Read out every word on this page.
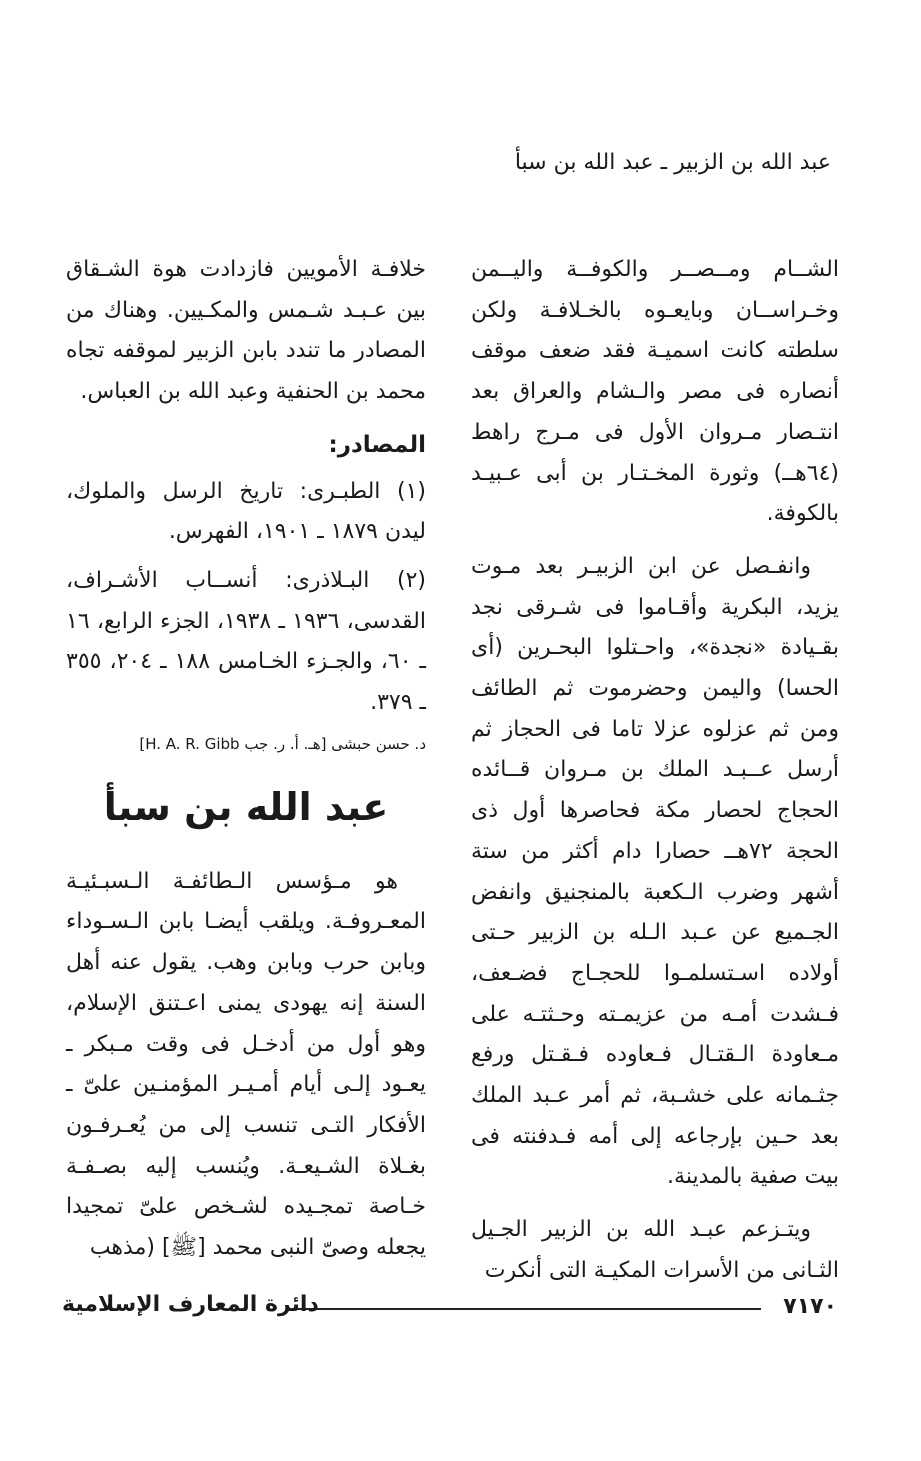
عبد الله بن الزبير ـ عبد الله بن سبأ

الشــام ومــصــر والكوفــة واليــمن وخـراســان وبايعـوه بالخـلافـة ولكن سلطته كانت اسميـة فقد ضعف موقف أنصاره فى مصر والـشام والعراق بعد انتـصار مـروان الأول فى مـرج راهط (٦٤هــ) وثورة المخـتـار بن أبى عـبيـد بالكوفة.

وانفـصل عن ابن الزبيـر بعد مـوت يزيد، البكرية وأقـاموا فى شـرقى نجد بقـيادة «نجدة»، واحـتلوا البحـرين (أى الحسا) واليمن وحضرموت ثم الطائف ومن ثم عزلوه عزلا تاما فى الحجاز ثم أرسل عــبـد الملك بن مـروان قــائده الحجاج لحصار مكة فحاصرها أول ذى الحجة ٧٢هــ حصارا دام أكثر من ستة أشهر وضرب الـكعبة بالمنجنيق وانفض الجـميع عن عـبد الـله بن الزبير حـتى أولاده اسـتسلمـوا للحجـاج فضـعف، فـشدت أمـه من عزيمـته وحـثتـه على مـعاودة الـقتـال فـعاوده فـقـتل ورفع جثـمانه على خشـبة، ثم أمر عـبد الملك بعد حـين بإرجاعه إلى أمه فـدفنته فى بيت صفية بالمدينة.

ويتـزعم عبـد الله بن الزبير الجـيل الثـانى من الأسرات المكيـة التى أنكرت

خلافـة الأمويين فازدادت هوة الشـقاق بين عـبـد شـمس والمكـيين. وهناك من المصادر ما تندد بابن الزبير لموقفه تجاه محمد بن الحنفية وعبد الله بن العباس.

المصادر:

(١) الطبـرى: تاريخ الرسل والملوك، ليدن ١٨٧٩ ـ ١٩٠١، الفهرس.

(٢) البـلاذرى: أنســاب الأشـراف، القدسى، ١٩٣٦ ـ ١٩٣٨، الجزء الرابع، ١٦ ـ ٦٠، والجـزء الخـامس ١٨٨ ـ ٢٠٤، ٣٥٥ ـ ٣٧٩.

د. حسن حبشى [هـ. أ. ر. جب H. A. R. Gibb]
عبد الله بن سبأ

هو مـؤسس الـطائفـة الـسبـئيـة المعـروفـة. ويلقب أيضـا بابن الـسـوداء وبابن حرب وبابن وهب. يقول عنه أهل السنة إنه يهودى يمنى اعـتنق الإسلام، وهو أول من أدخـل فى وقت مـبكر ـ يعـود إلـى أيام أمـيـر المؤمنـين علىّ ـ الأفكار التـى تنسب إلى من يُعـرفـون بغـلاة الشـيعـة. ويُنسب إليه بصـفـة خـاصة تمجـيده لشـخص علىّ تمجيدا يجعله وصىّ النبى محمد [ﷺ] (مذهب

٧١٧٠
دائرة المعارف الإسلامية
